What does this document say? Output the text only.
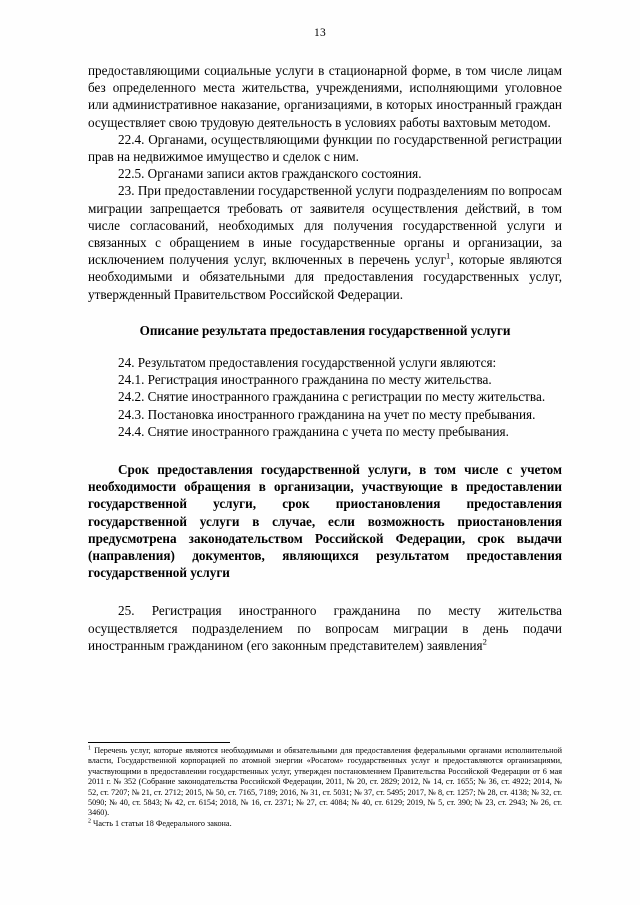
13

предоставляющими социальные услуги в стационарной форме, в том числе лицам без определенного места жительства, учреждениями, исполняющими уголовное или административное наказание, организациями, в которых иностранный граждан осуществляет свою трудовую деятельность в условиях работы вахтовым методом.

22.4. Органами, осуществляющими функции по государственной регистрации прав на недвижимое имущество и сделок с ним.

22.5. Органами записи актов гражданского состояния.

23. При предоставлении государственной услуги подразделениям по вопросам миграции запрещается требовать от заявителя осуществления действий, в том числе согласований, необходимых для получения государственной услуги и связанных с обращением в иные государственные органы и организации, за исключением получения услуг, включенных в перечень услуг$^1$, которые являются необходимыми и обязательными для предоставления государственных услуг, утвержденный Правительством Российской Федерации.

Описание результата предоставления государственной услуги

24. Результатом предоставления государственной услуги являются:

24.1. Регистрация иностранного гражданина по месту жительства.

24.2. Снятие иностранного гражданина с регистрации по месту жительства.

24.3. Постановка иностранного гражданина на учет по месту пребывания.

24.4. Снятие иностранного гражданина с учета по месту пребывания.

Срок предоставления государственной услуги, в том числе с учетом необходимости обращения в организации, участвующие в предоставлении государственной услуги, срок приостановления предоставления государственной услуги в случае, если возможность приостановления предусмотрена законодательством Российской Федерации, срок выдачи (направления) документов, являющихся результатом предоставления государственной услуги

25. Регистрация иностранного гражданина по месту жительства осуществляется подразделением по вопросам миграции в день подачи иностранным гражданином (его законным представителем) заявления$^2$

$^1$ Перечень услуг, которые являются необходимыми и обязательными для предоставления федеральными органами исполнительной власти, Государственной корпорацией по атомной энергии «Росатом» государственных услуг и предоставляются организациями, участвующими в предоставлении государственных услуг, утвержден постановлением Правительства Российской Федерации от 6 мая 2011 г. № 352 (Собрание законодательства Российской Федерации, 2011, № 20, ст. 2829; 2012, № 14, ст. 1655; № 36, ст. 4922; 2014, № 52, ст. 7207; № 21, ст. 2712; 2015, № 50, ст. 7165, 7189; 2016, № 31, ст. 5031; № 37, ст. 5495; 2017, № 8, ст. 1257; № 28, ст. 4138; № 32, ст. 5090; № 40, ст. 5843; № 42, ст. 6154; 2018, № 16, ст. 2371; № 27, ст. 4084; № 40, ст. 6129; 2019, № 5, ст. 390; № 23, ст. 2943; № 26, ст. 3460).

$^2$ Часть 1 статьи 18 Федерального закона.
